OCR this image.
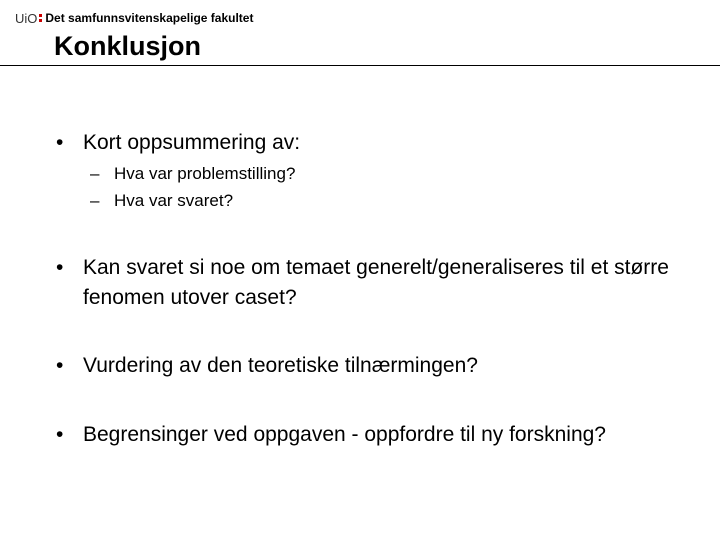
UiO Det samfunnsvitenskapelige fakultet
Konklusjon
• Kort oppsummering av:
– Hva var problemstilling?
– Hva var svaret?
• Kan svaret si noe om temaet generelt/generaliseres til et større fenomen utover caset?
• Vurdering av den teoretiske tilnærmingen?
• Begrensinger ved oppgaven - oppfordre til ny forskning?
